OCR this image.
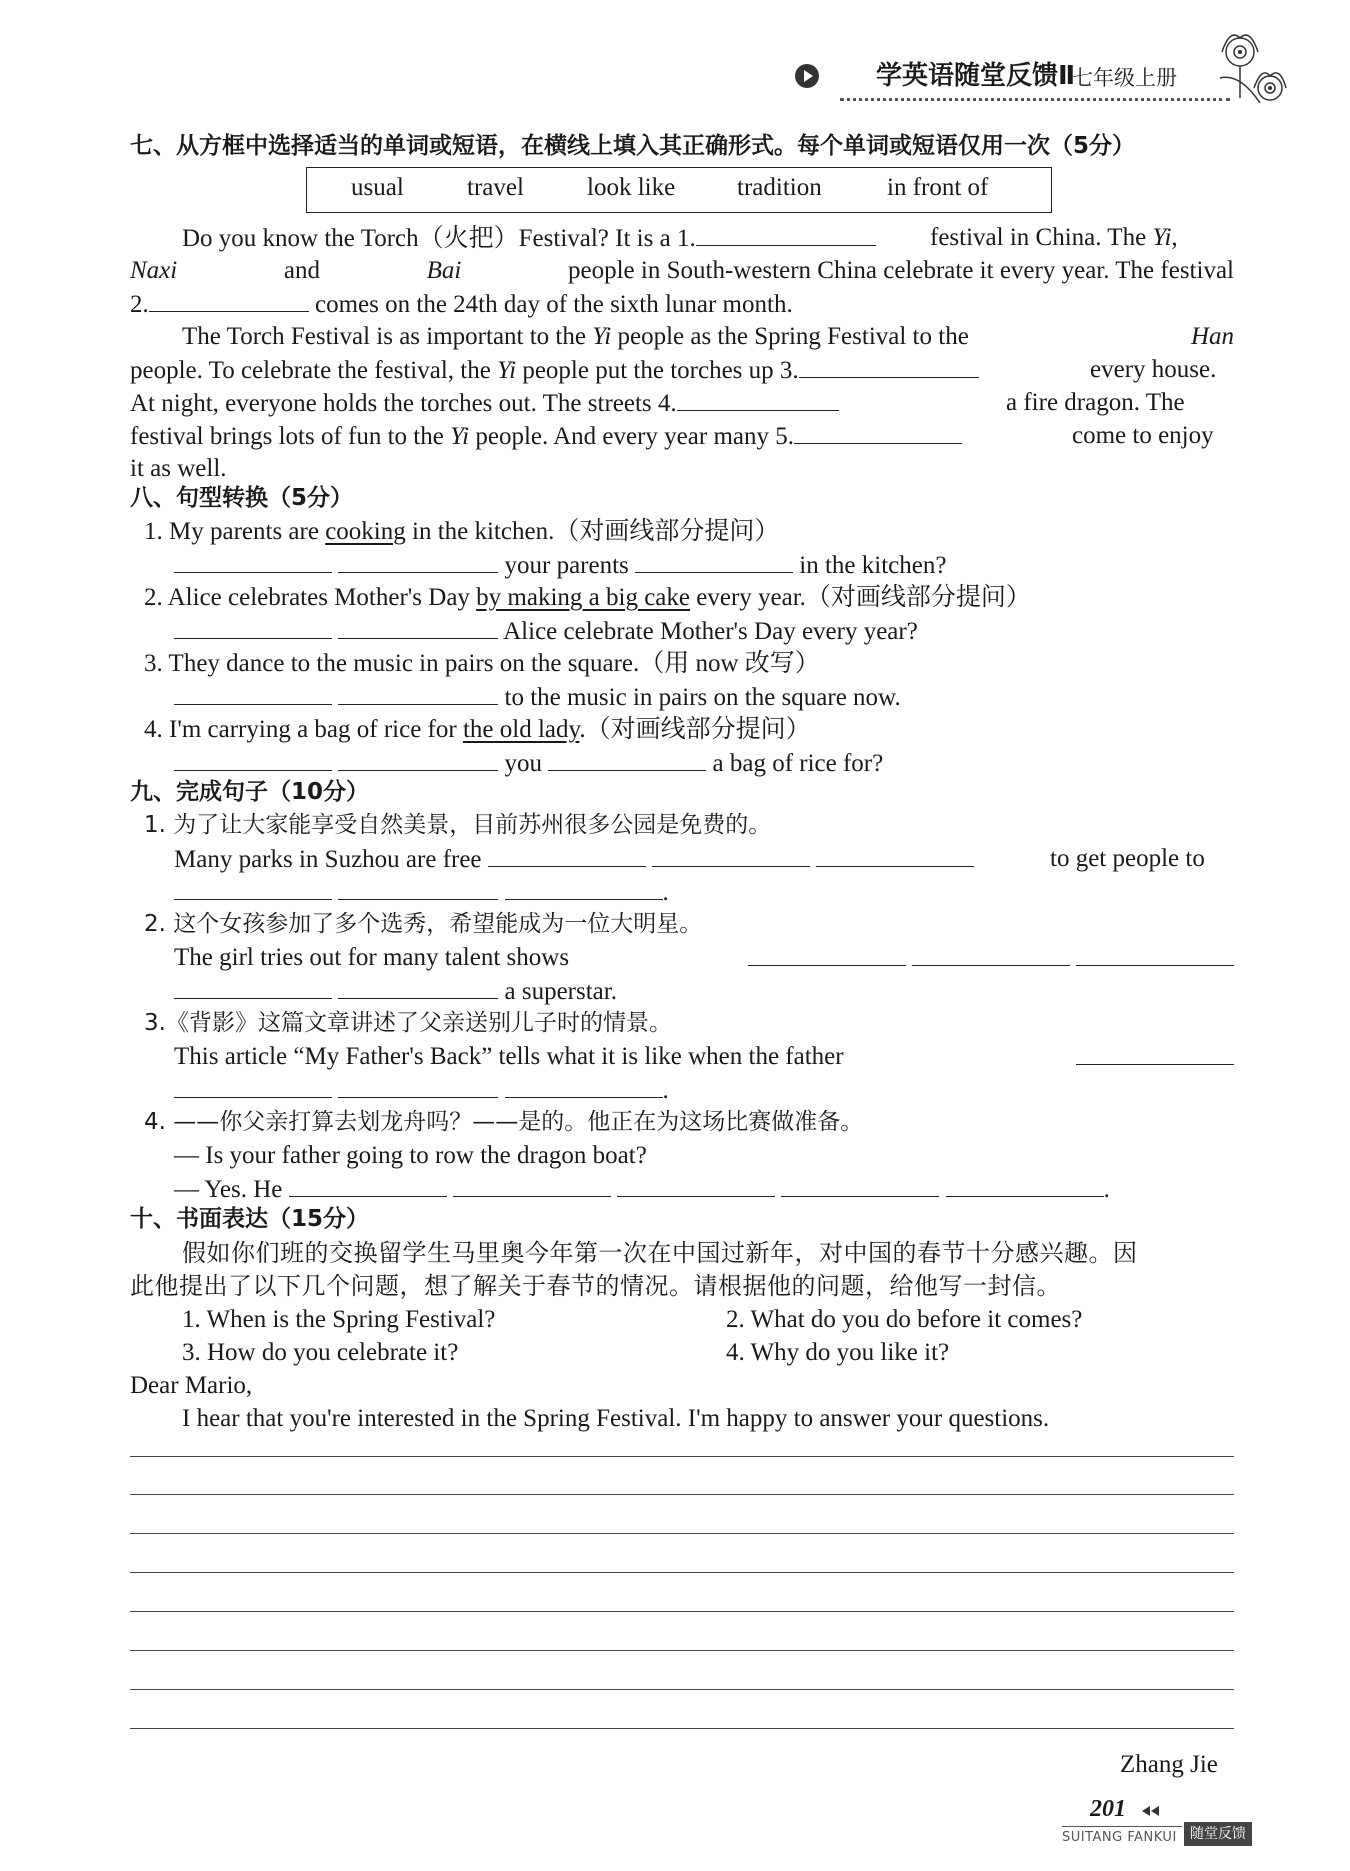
学英语随堂反馈Ⅱ
七年级上册
七、从方框中选择适当的单词或短语，在横线上填入其正确形式。每个单词或短语仅用一次（5分）
usual	travel	look like tradition	in front of
Do you know the Torch（火把）Festival? It is a 1.	festival in China. The Yi,
Naxi	and	Bai	people in South-western China celebrate it every year. The festival
2.	comes on the 24th day of the sixth lunar month.
The Torch Festival is as important to the Yi people as the Spring Festival to the	Han
people. To celebrate the festival, the Yi people put the torches up 3.	every house.
At night, everyone holds the torches out. The streets 4.	a fire dragon. The
festival brings lots of fun to the Yi people. And every year many 5.	come to enjoy
it as well.
八、句型转换（5分）
1. My parents are cooking in the kitchen.（对画线部分提问）
your parents	in the kitchen?
2. Alice celebrates Mother's Day by making a big cake every year.（对画线部分提问）
Alice celebrate Mother's Day every year?
3. They dance to the music in pairs on the square.（用 now 改写）
to the music in pairs on the square now.
4. I'm carrying a bag of rice for the old lady.（对画线部分提问）
you	a bag of rice for?
九、完成句子（10分）
1. 为了让大家能享受自然美景，目前苏州很多公园是免费的。
Many parks in Suzhou are free	to get people to
.
2. 这个女孩参加了多个选秀，希望能成为一位大明星。
The girl tries out for many talent shows

a superstar.
3.《背影》这篇文章讲述了父亲送别儿子时的情景。
This article “My Father's Back” tells what it is like when the father
.
4. ——你父亲打算去划龙舟吗？——是的。他正在为这场比赛做准备。
— Is your father going to row the dragon boat?
— Yes. He	.
十、书面表达（15分）
假如你们班的交换留学生马里奥今年第一次在中国过新年，对中国的春节十分感兴趣。因
此他提出了以下几个问题，想了解关于春节的情况。请根据他的问题，给他写一封信。
1. When is the Spring Festival?	2. What do you do before it comes?
3. How do you celebrate it?	4. Why do you like it?
Dear Mario,
I hear that you're interested in the Spring Festival. I'm happy to answer your questions.
Zhang Jie
201
SUITANG FANKUI 随堂反馈
